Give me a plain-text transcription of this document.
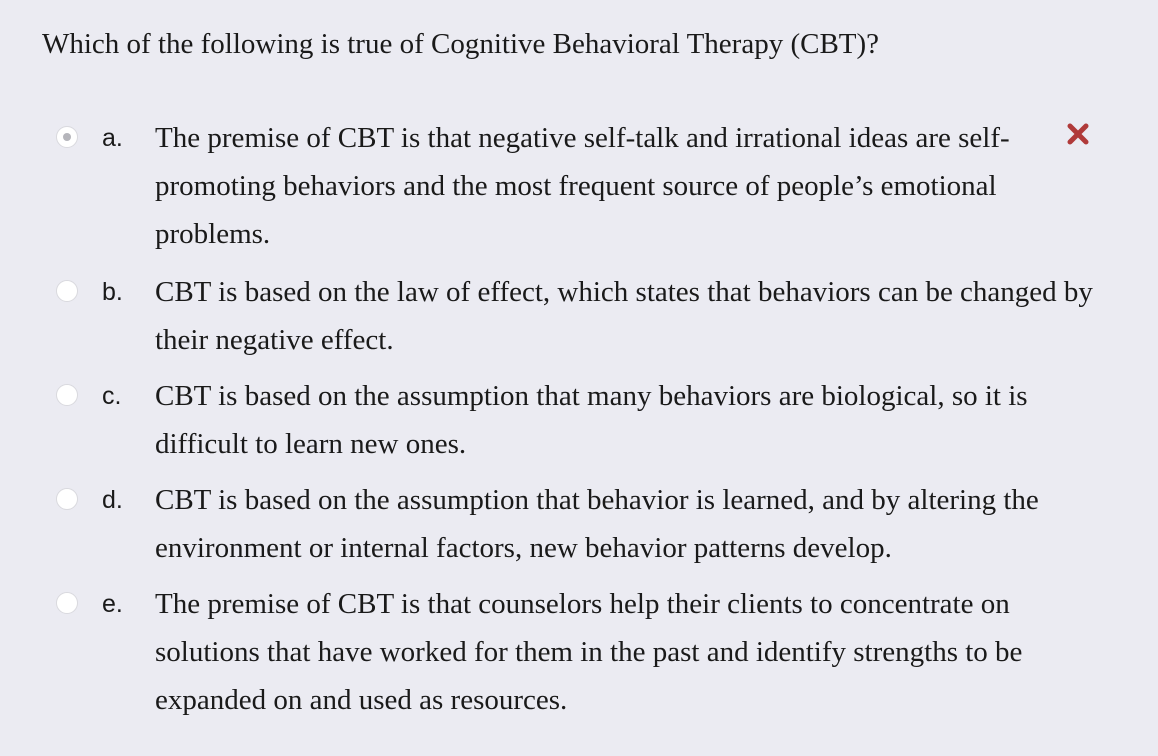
Which of the following is true of Cognitive Behavioral Therapy (CBT)?
a. The premise of CBT is that negative self-talk and irrational ideas are self-promoting behaviors and the most frequent source of people’s emotional problems.
b. CBT is based on the law of effect, which states that behaviors can be changed by their negative effect.
c. CBT is based on the assumption that many behaviors are biological, so it is difficult to learn new ones.
d. CBT is based on the assumption that behavior is learned, and by altering the environment or internal factors, new behavior patterns develop.
e. The premise of CBT is that counselors help their clients to concentrate on solutions that have worked for them in the past and identify strengths to be expanded on and used as resources.
